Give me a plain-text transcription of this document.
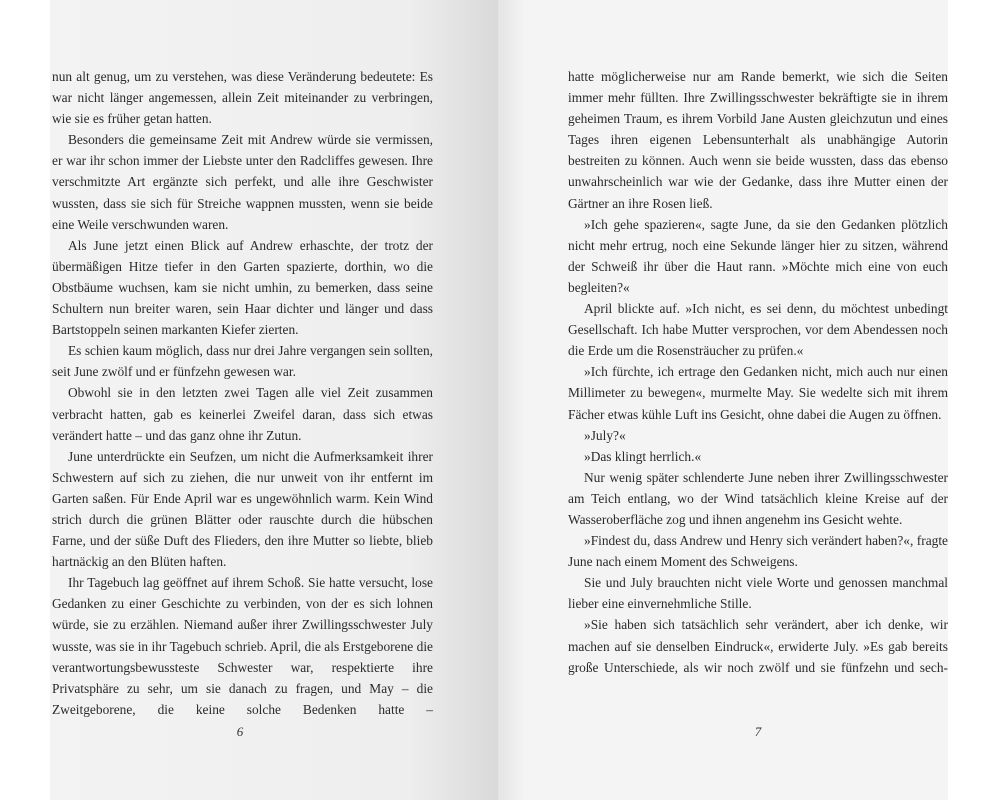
nun alt genug, um zu verstehen, was diese Veränderung bedeutete: Es war nicht länger angemessen, allein Zeit miteinander zu verbringen, wie sie es früher getan hatten.

Besonders die gemeinsame Zeit mit Andrew würde sie vermissen, er war ihr schon immer der Liebste unter den Radcliffes gewesen. Ihre verschmitzte Art ergänzte sich perfekt, und alle ihre Geschwister wussten, dass sie sich für Streiche wappnen mussten, wenn sie beide eine Weile verschwunden waren.

Als June jetzt einen Blick auf Andrew erhaschte, der trotz der übermäßigen Hitze tiefer in den Garten spazierte, dorthin, wo die Obstbäume wuchsen, kam sie nicht umhin, zu bemerken, dass seine Schultern nun breiter waren, sein Haar dichter und länger und dass Bartstoppeln seinen markanten Kiefer zierten.

Es schien kaum möglich, dass nur drei Jahre vergangen sein sollten, seit June zwölf und er fünfzehn gewesen war.

Obwohl sie in den letzten zwei Tagen alle viel Zeit zusammen verbracht hatten, gab es keinerlei Zweifel daran, dass sich etwas verändert hatte – und das ganz ohne ihr Zutun.

June unterdrückte ein Seufzen, um nicht die Aufmerksamkeit ihrer Schwestern auf sich zu ziehen, die nur unweit von ihr entfernt im Garten saßen. Für Ende April war es ungewöhnlich warm. Kein Wind strich durch die grünen Blätter oder rauschte durch die hübschen Farne, und der süße Duft des Flieders, den ihre Mutter so liebte, blieb hartnäckig an den Blüten haften.

Ihr Tagebuch lag geöffnet auf ihrem Schoß. Sie hatte versucht, lose Gedanken zu einer Geschichte zu verbinden, von der es sich lohnen würde, sie zu erzählen. Niemand außer ihrer Zwillingsschwester July wusste, was sie in ihr Tagebuch schrieb. April, die als Erstgeborene die verantwortungsbewussteste Schwester war, respektierte ihre Privatsphäre zu sehr, um sie danach zu fragen, und May – die Zweitgeborene, die keine solche Bedenken hatte –

6

hatte möglicherweise nur am Rande bemerkt, wie sich die Seiten immer mehr füllten. Ihre Zwillingsschwester bekräftigte sie in ihrem geheimen Traum, es ihrem Vorbild Jane Austen gleichzutun und eines Tages ihren eigenen Lebensunterhalt als unabhängige Autorin bestreiten zu können. Auch wenn sie beide wussten, dass das ebenso unwahrscheinlich war wie der Gedanke, dass ihre Mutter einen der Gärtner an ihre Rosen ließ.

»Ich gehe spazieren«, sagte June, da sie den Gedanken plötzlich nicht mehr ertrug, noch eine Sekunde länger hier zu sitzen, während der Schweiß ihr über die Haut rann. »Möchte mich eine von euch begleiten?«

April blickte auf. »Ich nicht, es sei denn, du möchtest unbedingt Gesellschaft. Ich habe Mutter versprochen, vor dem Abendessen noch die Erde um die Rosensträucher zu prüfen.«

»Ich fürchte, ich ertrage den Gedanken nicht, mich auch nur einen Millimeter zu bewegen«, murmelte May. Sie wedelte sich mit ihrem Fächer etwas kühle Luft ins Gesicht, ohne dabei die Augen zu öffnen.

»July?«

»Das klingt herrlich.«

Nur wenig später schlenderte June neben ihrer Zwillingsschwester am Teich entlang, wo der Wind tatsächlich kleine Kreise auf der Wasseroberfläche zog und ihnen angenehm ins Gesicht wehte.

»Findest du, dass Andrew und Henry sich verändert haben?«, fragte June nach einem Moment des Schweigens.

Sie und July brauchten nicht viele Worte und genossen manchmal lieber eine einvernehmliche Stille.

»Sie haben sich tatsächlich sehr verändert, aber ich denke, wir machen auf sie denselben Eindruck«, erwiderte July. »Es gab bereits große Unterschiede, als wir noch zwölf und sie fünfzehn und sech-

7
